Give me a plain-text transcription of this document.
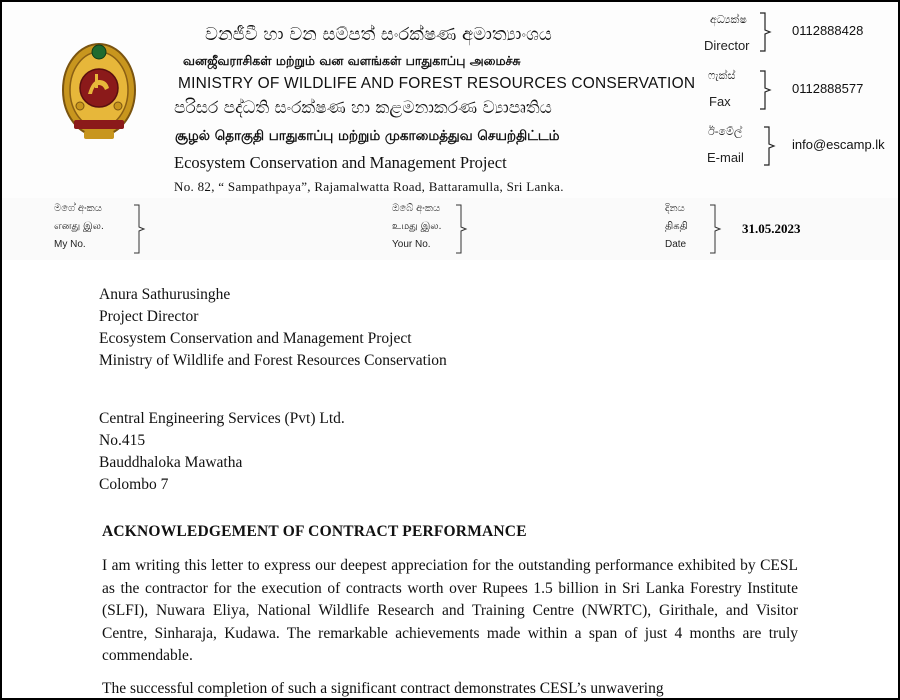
වනජීවී හා වන සම්පත් සංරක්ෂණ අමාත්‍යාංශය
வனஜீவராசிகள் மற்றும் வன வளங்கள் பாதுகாப்பு அமைச்சு
MINISTRY OF WILDLIFE AND FOREST RESOURCES CONSERVATION
පරිසර පද්ධති සංරක්ෂණ හා කළමනාකරණ ව්‍යාපෘතිය
சூழல் தொகுதி பாதுகாப்பு மற்றும் முகாமைத்துவ செயற்திட்டம்
Ecosystem Conservation and Management Project
No. 82, “ Sampathpaya”, Rajamalwatta Road, Battaramulla, Sri Lanka.
අධ්‍යක්ෂ
Director
0112888428
ෆැක්ස්
Fax
0112888577
ඊ-මේල්
E-mail
info@escamp.lk
මගේ අංකය
எனது இல.
My No.
ඔබේ අංකය
உமது இல.
Your No.
දිනය
திகதி
Date
31.05.2023
Anura Sathurusinghe
Project Director
Ecosystem Conservation and Management Project
Ministry of Wildlife and Forest Resources Conservation
Central Engineering Services (Pvt) Ltd.
No.415
Bauddhaloka Mawatha
Colombo 7
ACKNOWLEDGEMENT OF CONTRACT PERFORMANCE
I am writing this letter to express our deepest appreciation for the outstanding performance exhibited by CESL as the contractor for the execution of contracts worth over Rupees 1.5 billion in Sri Lanka Forestry Institute (SLFI), Nuwara Eliya, National Wildlife Research and Training Centre (NWRTC), Girithale, and Visitor Centre, Sinharaja, Kudawa. The remarkable achievements made within a span of just 4 months are truly commendable.
The successful completion of such a significant contract demonstrates CESL’s unwavering
